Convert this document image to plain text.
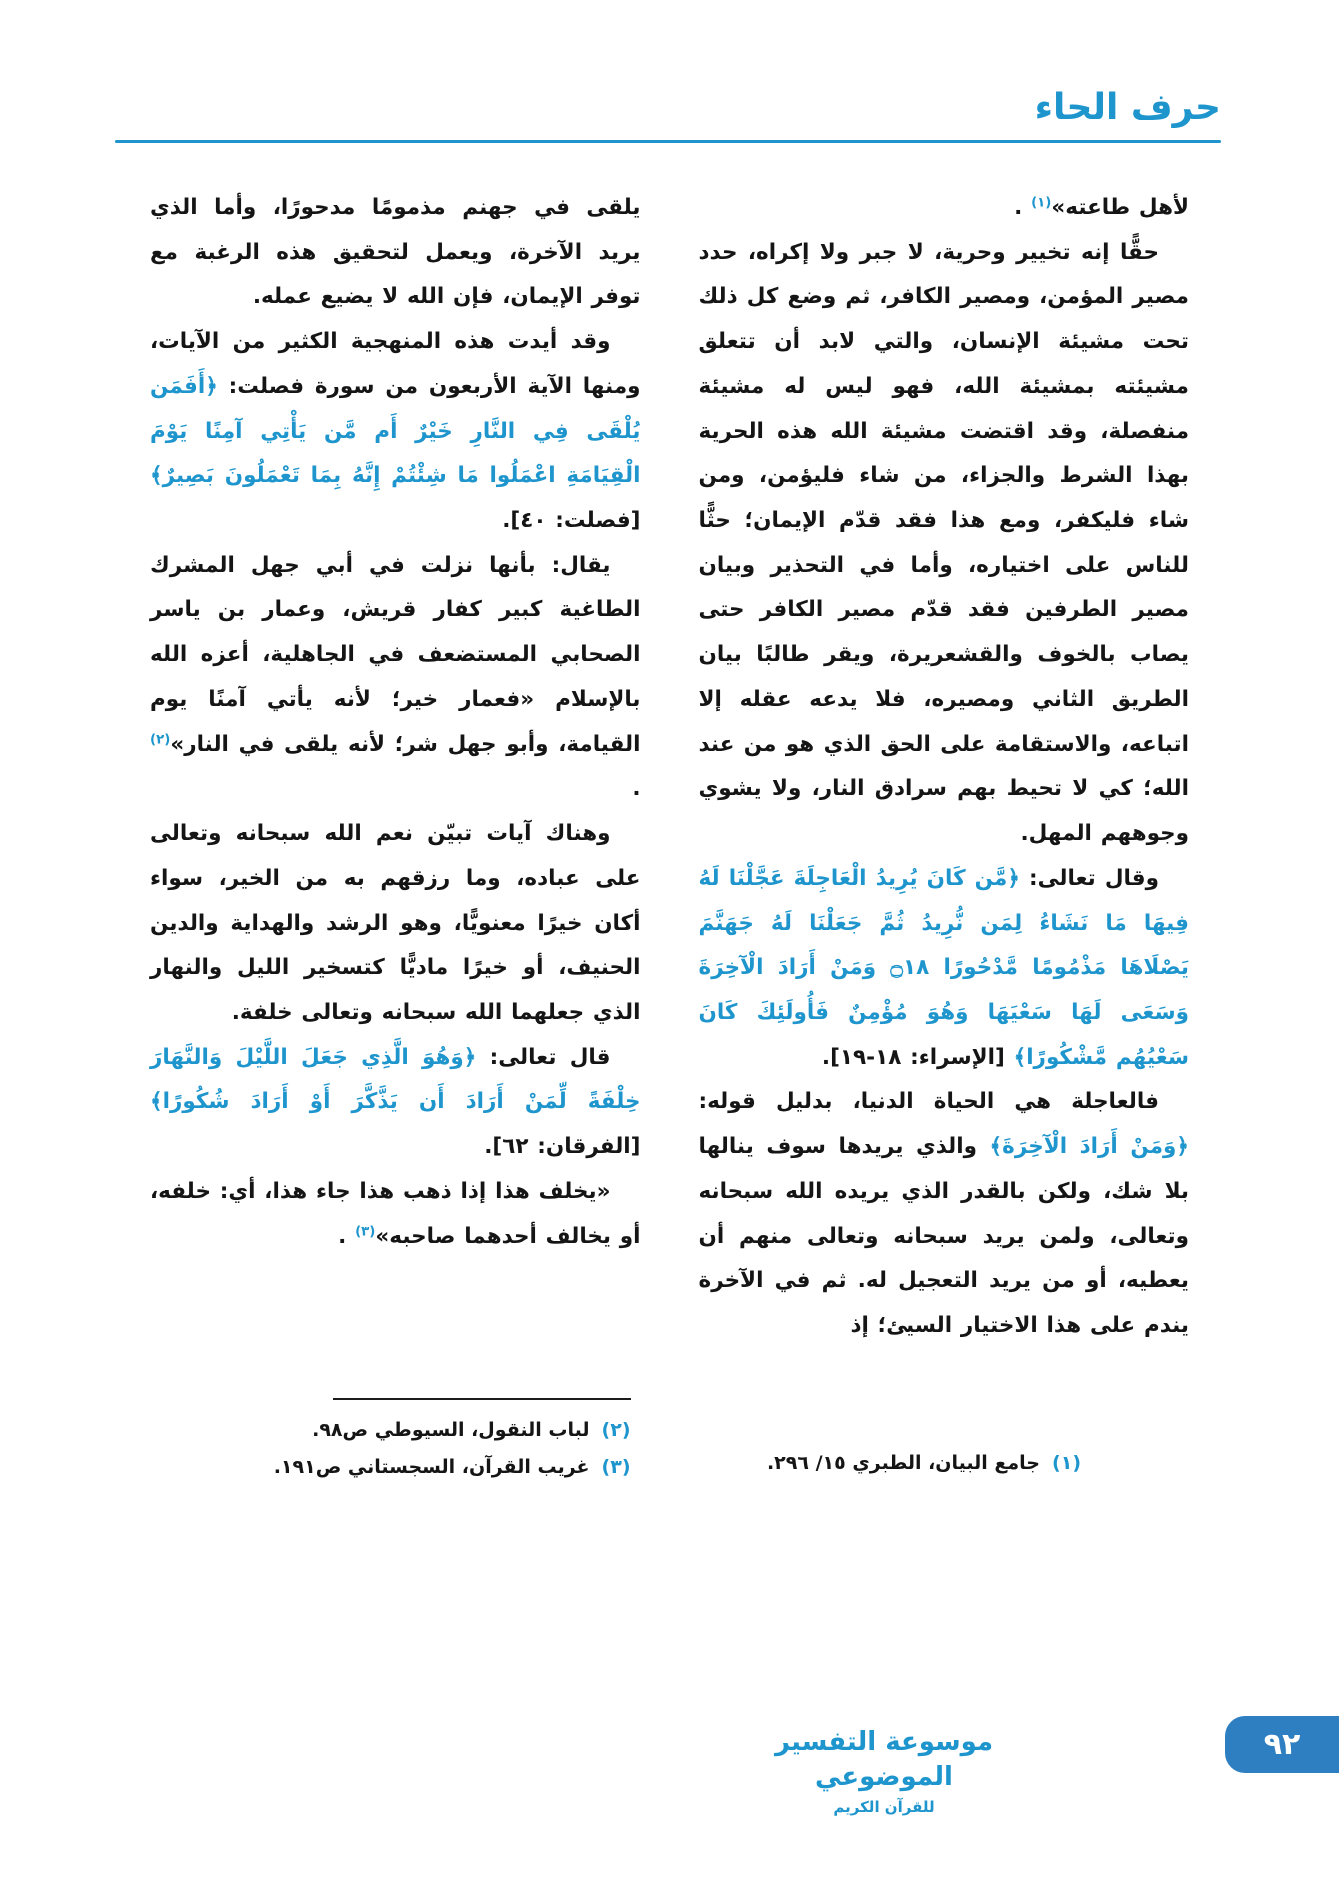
حرف الحاء

لأهل طاعته»$^{(١)}$ .

حقًّا إنه تخيير وحرية، لا جبر ولا إكراه، حدد مصير المؤمن، ومصير الكافر، ثم وضع كل ذلك تحت مشيئة الإنسان، والتي لابد أن تتعلق مشيئته بمشيئة الله، فهو ليس له مشيئة منفصلة، وقد اقتضت مشيئة الله هذه الحرية بهذا الشرط والجزاء، من شاء فليؤمن، ومن شاء فليكفر، ومع هذا فقد قدّم الإيمان؛ حثًّا للناس على اختياره، وأما في التحذير وبيان مصير الطرفين فقد قدّم مصير الكافر حتى يصاب بالخوف والقشعريرة، ويقر طالبًا بيان الطريق الثاني ومصيره، فلا يدعه عقله إلا اتباعه، والاستقامة على الحق الذي هو من عند الله؛ كي لا تحيط بهم سرادق النار، ولا يشوي وجوههم المهل.

وقال تعالى: ﴿مَّن كَانَ يُرِيدُ الْعَاجِلَةَ عَجَّلْنَا لَهُ فِيهَا مَا نَشَاءُ لِمَن نُّرِيدُ ثُمَّ جَعَلْنَا لَهُ جَهَنَّمَ يَصْلَاهَا مَذْمُومًا مَّدْحُورًا ۝١٨ وَمَنْ أَرَادَ الْآخِرَةَ وَسَعَى لَهَا سَعْيَهَا وَهُوَ مُؤْمِنٌ فَأُولَئِكَ كَانَ سَعْيُهُم مَّشْكُورًا﴾ [الإسراء: ١٨-١٩].

فالعاجلة هي الحياة الدنيا، بدليل قوله: ﴿وَمَنْ أَرَادَ الْآخِرَةَ﴾ والذي يريدها سوف ينالها بلا شك، ولكن بالقدر الذي يريده الله سبحانه وتعالى، ولمن يريد سبحانه وتعالى منهم أن يعطيه، أو من يريد التعجيل له. ثم في الآخرة يندم على هذا الاختيار السيئ؛ إذ

(١)
جامع البيان، الطبري ١٥/ ٢٩٦.

يلقى في جهنم مذمومًا مدحورًا، وأما الذي يريد الآخرة، ويعمل لتحقيق هذه الرغبة مع توفر الإيمان، فإن الله لا يضيع عمله.

وقد أيدت هذه المنهجية الكثير من الآيات، ومنها الآية الأربعون من سورة فصلت: ﴿أَفَمَن يُلْقَى فِي النَّارِ خَيْرٌ أَم مَّن يَأْتِي آمِنًا يَوْمَ الْقِيَامَةِ اعْمَلُوا مَا شِئْتُمْ إِنَّهُ بِمَا تَعْمَلُونَ بَصِيرٌ﴾ [فصلت: ٤٠].

يقال: بأنها نزلت في أبي جهل المشرك الطاغية كبير كفار قريش، وعمار بن ياسر الصحابي المستضعف في الجاهلية، أعزه الله بالإسلام «فعمار خير؛ لأنه يأتي آمنًا يوم القيامة، وأبو جهل شر؛ لأنه يلقى في النار»$^{(٢)}$ .

وهناك آيات تبيّن نعم الله سبحانه وتعالى على عباده، وما رزقهم به من الخير، سواء أكان خيرًا معنويًّا، وهو الرشد والهداية والدين الحنيف، أو خيرًا ماديًّا كتسخير الليل والنهار الذي جعلهما الله سبحانه وتعالى خلفة.

قال تعالى: ﴿وَهُوَ الَّذِي جَعَلَ اللَّيْلَ وَالنَّهَارَ خِلْفَةً لِّمَنْ أَرَادَ أَن يَذَّكَّرَ أَوْ أَرَادَ شُكُورًا﴾ [الفرقان: ٦٢].

«يخلف هذا إذا ذهب هذا جاء هذا، أي: خلفه، أو يخالف أحدهما صاحبه»$^{(٣)}$ .

(٢)
لباب النقول، السيوطي ص٩٨.
(٣)
غريب القرآن، السجستاني ص١٩١.
موسوعة التفسير الموضوعي
للقرآن الكريم
٩٢
